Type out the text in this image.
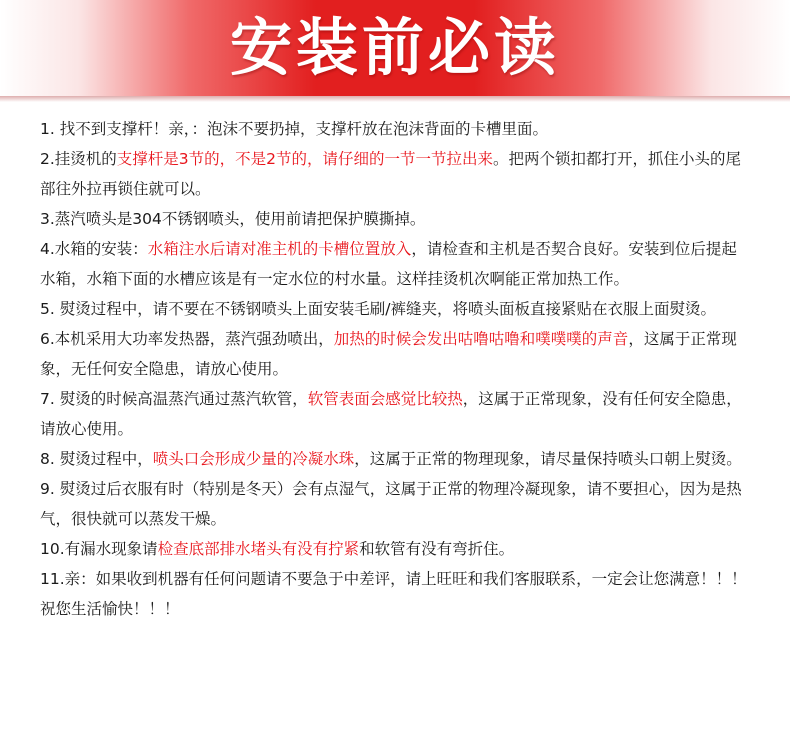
安装前必读

1. 找不到支撑杆！亲，：泡沫不要扔掉，支撑杆放在泡沫背面的卡槽里面。

2.挂烫机的支撑杆是3节的，不是2节的，请仔细的一节一节拉出来。把两个锁扣都打开，抓住小头的尾部往外拉再锁住就可以。

3.蒸汽喷头是304不锈钢喷头，使用前请把保护膜撕掉。

4.水箱的安装：水箱注水后请对准主机的卡槽位置放入，请检查和主机是否契合良好。安装到位后提起水箱，水箱下面的水槽应该是有一定水位的村水量。这样挂烫机次啊能正常加热工作。

5. 熨烫过程中，请不要在不锈钢喷头上面安装毛刷/裤缝夹，将喷头面板直接紧贴在衣服上面熨烫。

6.本机采用大功率发热器，蒸汽强劲喷出，加热的时候会发出咕噜咕噜和噗噗噗的声音，这属于正常现象，无任何安全隐患，请放心使用。

7. 熨烫的时候高温蒸汽通过蒸汽软管，软管表面会感觉比较热，这属于正常现象，没有任何安全隐患，请放心使用。

8. 熨烫过程中，喷头口会形成少量的冷凝水珠，这属于正常的物理现象，请尽量保持喷头口朝上熨烫。

9. 熨烫过后衣服有时（特别是冬天）会有点湿气，这属于正常的物理冷凝现象，请不要担心，因为是热气，很快就可以蒸发干燥。

10.有漏水现象请检查底部排水堵头有没有拧紧和软管有没有弯折住。

11.亲：如果收到机器有任何问题请不要急于中差评，请上旺旺和我们客服联系，一定会让您满意！！！祝您生活愉快！！！
